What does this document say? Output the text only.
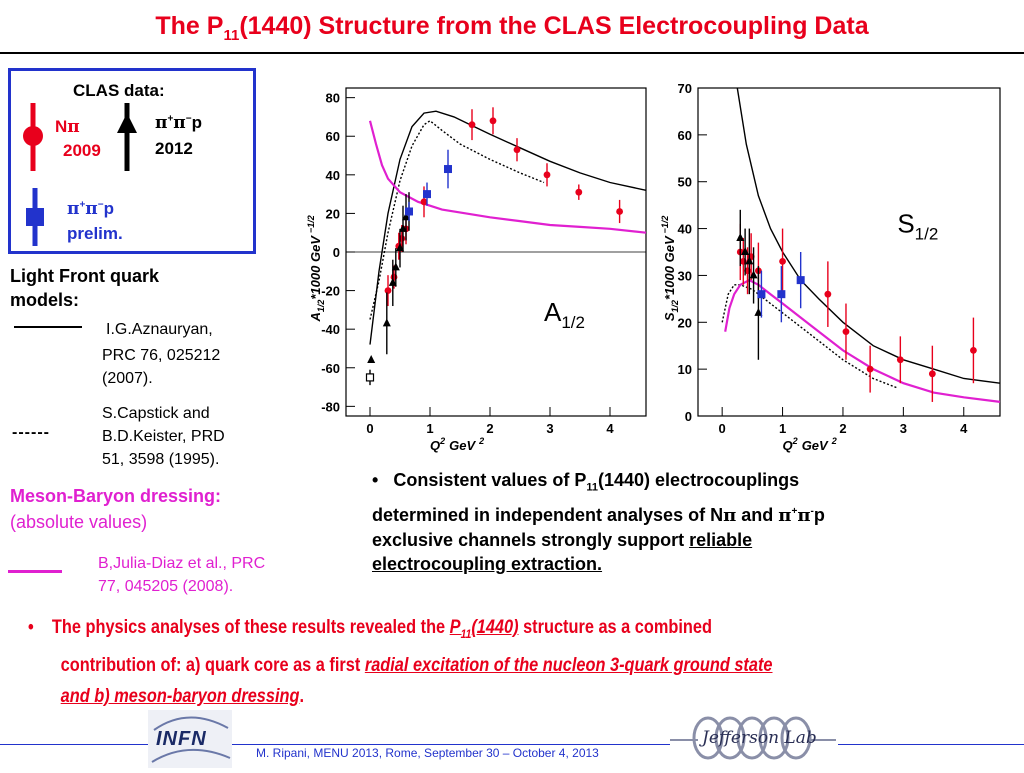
The $P_{11}(1440)$ Structure from the CLAS Electrocoupling Data
CLAS data:
Nπ
2009
π+π−p
2012
π+π−p
prelim.
Light Front quark models:
I.G.Aznauryan,
PRC 76, 025212
(2007).
------
S.Capstick and
B.D.Keister, PRD
51, 3598 (1995).
Meson-Baryon dressing:
(absolute values)
B,Julia-Diaz et al., PRC
77, 045205 (2008).
-80
-60
-40
-20
0
20
40
60
80
0	1	2	3	4
$Q^2$ GeV $^2$
$A_{1/2}*1000$ GeV$^{-1/2}$
$A_{1/2}$
0
10
20
30
40
50
60
70
0	1	2	3	4
$Q^2$ GeV $^2$
$S_{1/2}*1000$ GeV$^{-1/2}$	$S_{1/2}$
• Consistent values of $P_{11}(1440)$ electrocouplings
determined in independent analyses of Nπ and π+π-p
exclusive channels strongly support reliable
electrocoupling extraction.
• The physics analyses of these results revealed the $P_{11}(1440)$ structure as a combined
contribution of: a) quark core as a first radial excitation of the nucleon 3-quark ground state
and b) meson-baryon dressing.
INFN
M. Ripani, MENU 2013, Rome, September 30 – October 4, 2013
Jefferson Lab
